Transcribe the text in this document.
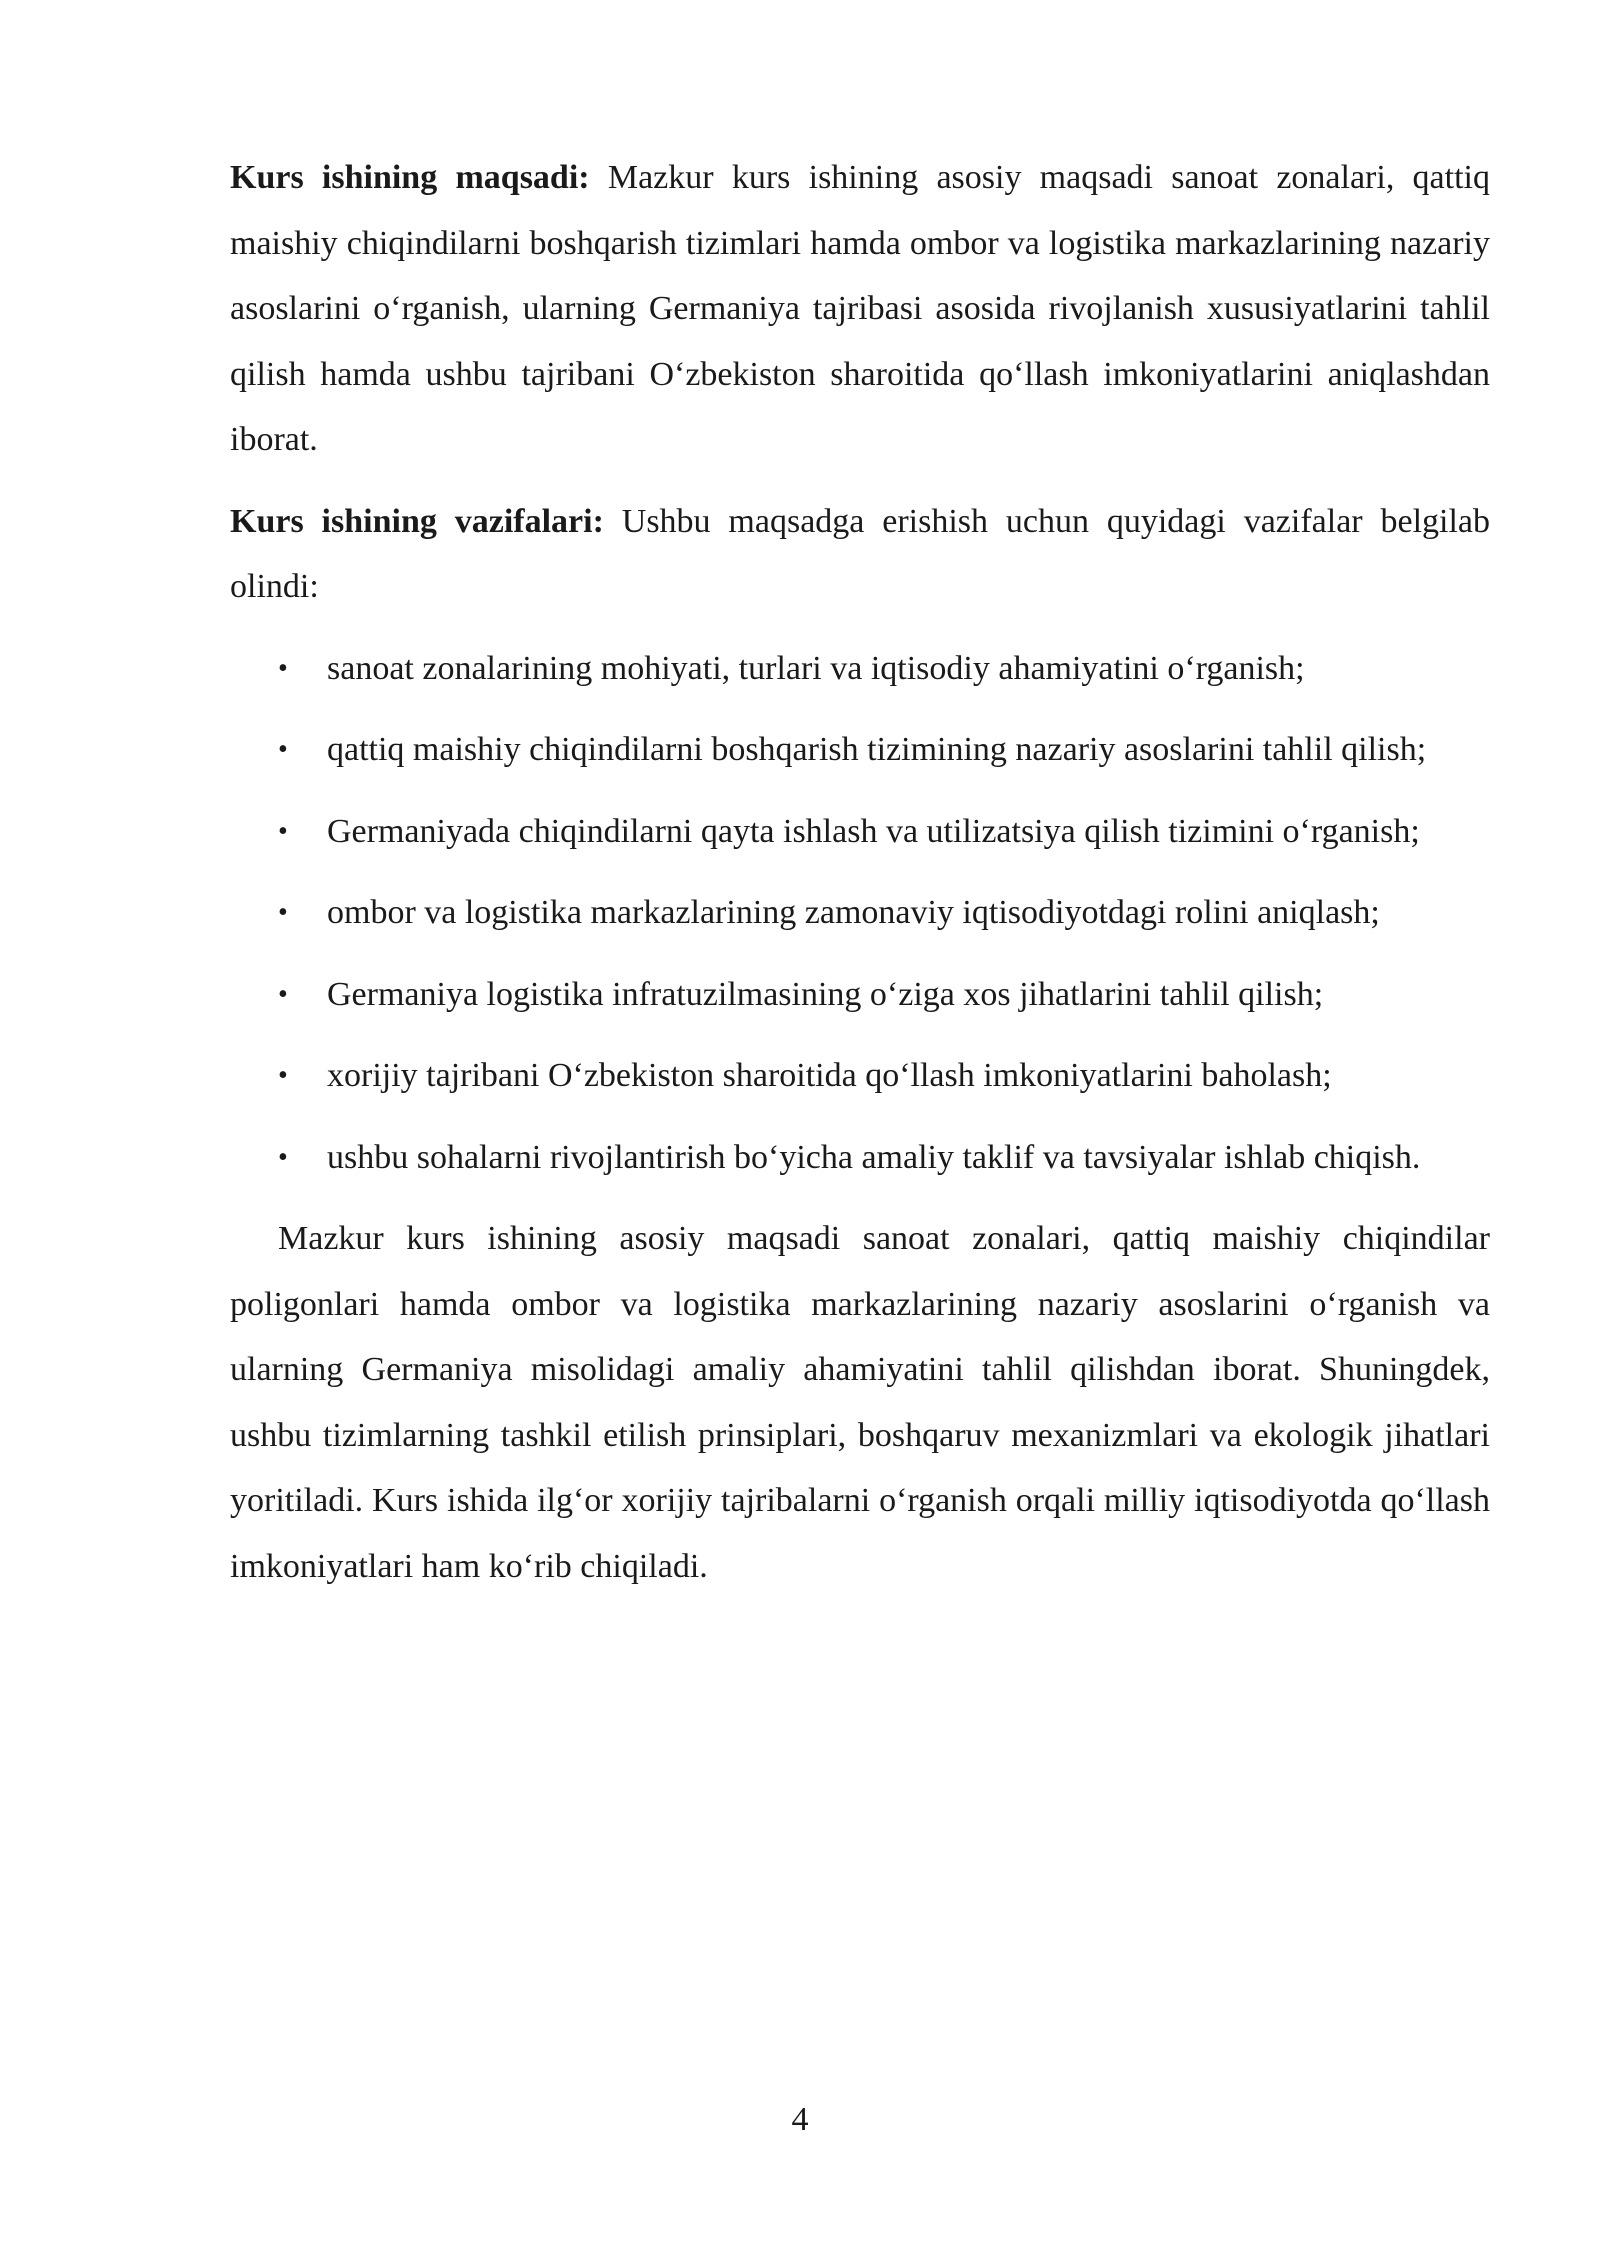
Kurs ishining maqsadi: Mazkur kurs ishining asosiy maqsadi sanoat zonalari, qattiq maishiy chiqindilarni boshqarish tizimlari hamda ombor va logistika markazlarining nazariy asoslarini o‘rganish, ularning Germaniya tajribasi asosida rivojlanish xususiyatlarini tahlil qilish hamda ushbu tajribani O‘zbekiston sharoitida qo‘llash imkoniyatlarini aniqlashdan iborat.

Kurs ishining vazifalari: Ushbu maqsadga erishish uchun quyidagi vazifalar belgilab olindi:

• sanoat zonalarining mohiyati, turlari va iqtisodiy ahamiyatini o‘rganish;
• qattiq maishiy chiqindilarni boshqarish tizimining nazariy asoslarini tahlil qilish;
• Germaniyada chiqindilarni qayta ishlash va utilizatsiya qilish tizimini o‘rganish;
• ombor va logistika markazlarining zamonaviy iqtisodiyotdagi rolini aniqlash;
• Germaniya logistika infratuzilmasining o‘ziga xos jihatlarini tahlil qilish;
• xorijiy tajribani O‘zbekiston sharoitida qo‘llash imkoniyatlarini baholash;
• ushbu sohalarni rivojlantirish bo‘yicha amaliy taklif va tavsiyalar ishlab chiqish.

Mazkur kurs ishining asosiy maqsadi sanoat zonalari, qattiq maishiy chiqindilar poligonlari hamda ombor va logistika markazlarining nazariy asoslarini o‘rganish va ularning Germaniya misolidagi amaliy ahamiyatini tahlil qilishdan iborat. Shuningdek, ushbu tizimlarning tashkil etilish prinsiplari, boshqaruv mexanizmlari va ekologik jihatlari yoritiladi. Kurs ishida ilg‘or xorijiy tajribalarni o‘rganish orqali milliy iqtisodiyotda qo‘llash imkoniyatlari ham ko‘rib chiqiladi.

4
